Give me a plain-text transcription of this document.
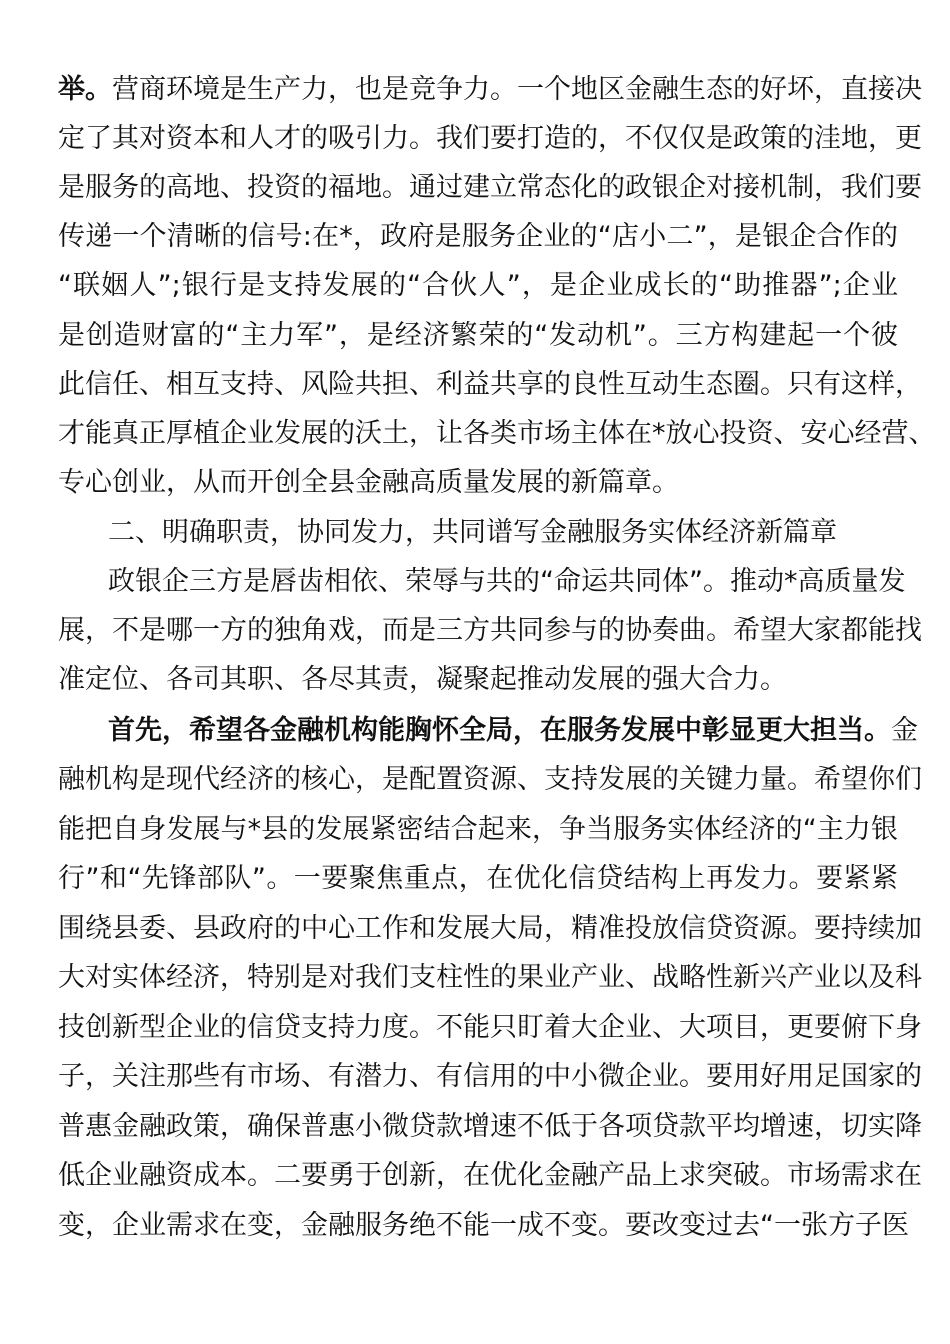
举。营商环境是生产力，也是竞争力。一个地区金融生态的好坏，直接决
定了其对资本和人才的吸引力。我们要打造的，不仅仅是政策的洼地，更
是服务的高地、投资的福地。通过建立常态化的政银企对接机制，我们要
传递一个清晰的信号:在*，政府是服务企业的“店小二”，是银企合作的
“联姻人”;银行是支持发展的“合伙人”，是企业成长的“助推器”;企业
是创造财富的“主力军”，是经济繁荣的“发动机”。三方构建起一个彼
此信任、相互支持、风险共担、利益共享的良性互动生态圈。只有这样，
才能真正厚植企业发展的沃土，让各类市场主体在*放心投资、安心经营、
专心创业，从而开创全县金融高质量发展的新篇章。
二、明确职责，协同发力，共同谱写金融服务实体经济新篇章
政银企三方是唇齿相依、荣辱与共的“命运共同体”。推动*高质量发
展，不是哪一方的独角戏，而是三方共同参与的协奏曲。希望大家都能找
准定位、各司其职、各尽其责，凝聚起推动发展的强大合力。
首先，希望各金融机构能胸怀全局，在服务发展中彰显更大担当。金
融机构是现代经济的核心，是配置资源、支持发展的关键力量。希望你们
能把自身发展与*县的发展紧密结合起来，争当服务实体经济的“主力银
行”和“先锋部队”。一要聚焦重点，在优化信贷结构上再发力。要紧紧
围绕县委、县政府的中心工作和发展大局，精准投放信贷资源。要持续加
大对实体经济，特别是对我们支柱性的果业产业、战略性新兴产业以及科
技创新型企业的信贷支持力度。不能只盯着大企业、大项目，更要俯下身
子，关注那些有市场、有潜力、有信用的中小微企业。要用好用足国家的
普惠金融政策，确保普惠小微贷款增速不低于各项贷款平均增速，切实降
低企业融资成本。二要勇于创新，在优化金融产品上求突破。市场需求在
变，企业需求在变，金融服务绝不能一成不变。要改变过去“一张方子医
